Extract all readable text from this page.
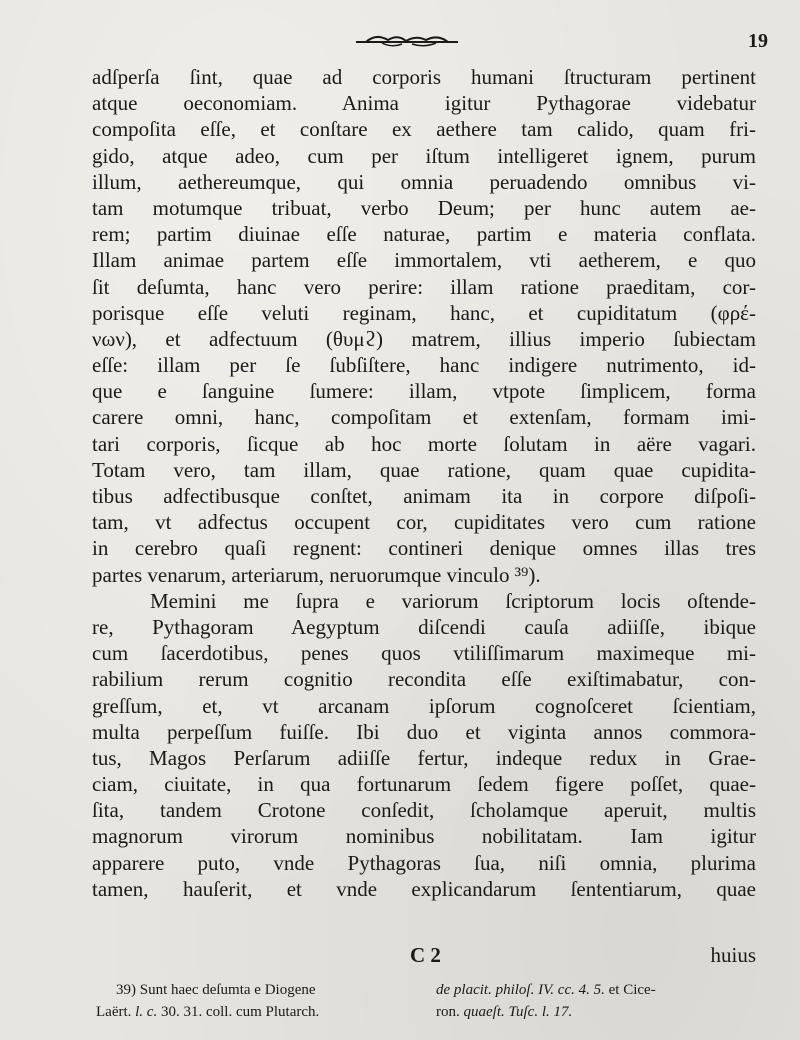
19
adſperſa ſint, quae ad corporis humani ſtructuram pertinent
atque oeconomiam. Anima igitur Pythagorae videbatur
compoſita eſſe, et conſtare ex aethere tam calido, quam fri-
gido, atque adeo, cum per iſtum intelligeret ignem, purum
illum, aethereumque, qui omnia peruadendo omnibus vi-
tam motumque tribuat, verbo Deum; per hunc autem ae-
rem; partim diuinae eſſe naturae, partim e materia conflata.
Illam animae partem eſſe immortalem, vti aetherem, e quo
ſit deſumta, hanc vero perire: illam ratione praeditam, cor-
porisque eſſe veluti reginam, hanc, et cupiditatum (φρέ-
νων), et adfectuum (θυμϩ) matrem, illius imperio ſubiectam
eſſe: illam per ſe ſubſiſtere, hanc indigere nutrimento, id-
que e ſanguine ſumere: illam, vtpote ſimplicem, forma
carere omni, hanc, compoſitam et extenſam, formam imi-
tari corporis, ſicque ab hoc morte ſolutam in aëre vagari.
Totam vero, tam illam, quae ratione, quam quae cupidita-
tibus adfectibusque conſtet, animam ita in corpore diſpoſi-
tam, vt adfectus occupent cor, cupiditates vero cum ratione
in cerebro quaſi regnent: contineri denique omnes illas tres
partes venarum, arteriarum, neruorumque vinculo ³⁹).
Memini me ſupra e variorum ſcriptorum locis oſtende-
re, Pythagoram Aegyptum diſcendi cauſa adiiſſe, ibique
cum ſacerdotibus, penes quos vtiliſſimarum maximeque mi-
rabilium rerum cognitio recondita eſſe exiſtimabatur, con-
greſſum, et, vt arcanam ipſorum cognoſceret ſcientiam,
multa perpeſſum fuiſſe. Ibi duo et viginta annos commora-
tus, Magos Perſarum adiiſſe fertur, indeque redux in Grae-
ciam, ciuitate, in qua fortunarum ſedem figere poſſet, quae-
ſita, tandem Crotone conſedit, ſcholamque aperuit, multis
magnorum virorum nominibus nobilitatam. Iam igitur
apparere puto, vnde Pythagoras ſua, niſi omnia, plurima
tamen, hauſerit, et vnde explicandarum ſententiarum, quae
C 2	huius
39) Sunt haec deſumta e Diogene
Laërt. l. c. 30. 31. coll. cum Plutarch.
de placit. philoſ. IV. cc. 4. 5. et Cice-
ron. quaeſt. Tuſc. l. 17.
